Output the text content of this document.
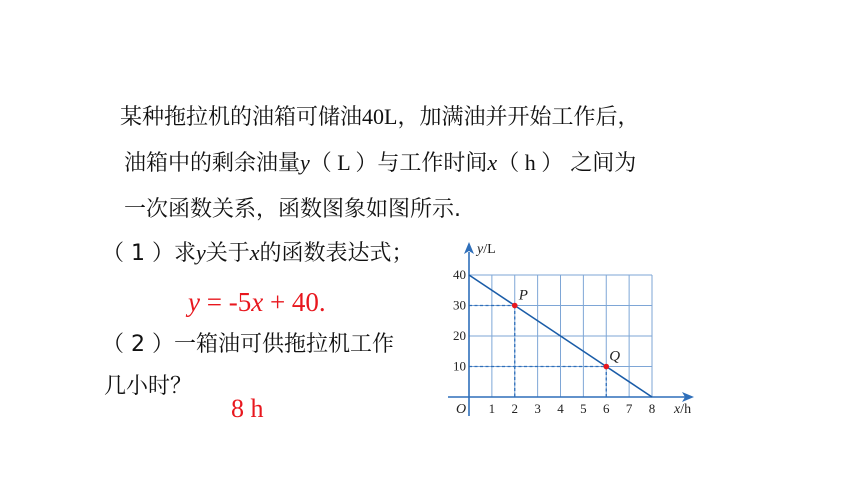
某种拖拉机的油箱可储油40L，加满油并开始工作后，
油箱中的剩余油量y（ L ）与工作时间x（ h ） 之间为
一次函数关系，函数图象如图所示.
（ 1 ）求y关于x的函数表达式；
y = -5x + 40.
（ 2 ）一箱油可供拖拉机工作
几小时？
8 h	1 2 3 4 5 6 7 8
10
20
30
40
O	x/h
y/L
P
Q
